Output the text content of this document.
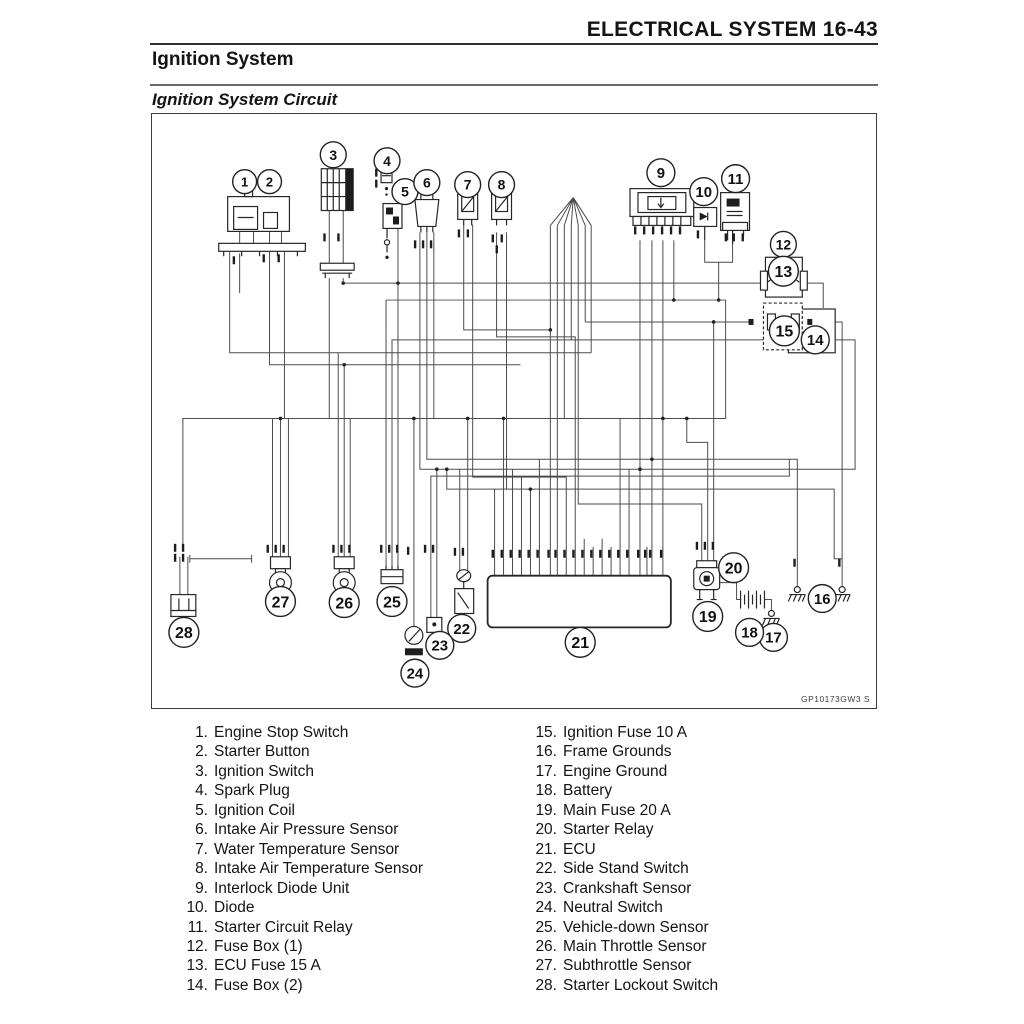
ELECTRICAL SYSTEM 16-43
Ignition System
Ignition System Circuit
1 2
3	4
5
6 7 8
9
10
11
12
13
15
14
16
17
18
19
20
21
22
23
24
25
26
27
28
GP10173GW3 S
1. Engine Stop Switch
2. Starter Button
3. Ignition Switch
4. Spark Plug
5. Ignition Coil
6. Intake Air Pressure Sensor
7. Water Temperature Sensor
8. Intake Air Temperature Sensor
9. Interlock Diode Unit
10. Diode
11. Starter Circuit Relay
12. Fuse Box (1)
13. ECU Fuse 15 A
14. Fuse Box (2)
15. Ignition Fuse 10 A
16. Frame Grounds
17. Engine Ground
18. Battery
19. Main Fuse 20 A
20. Starter Relay
21. ECU
22. Side Stand Switch
23. Crankshaft Sensor
24. Neutral Switch
25. Vehicle-down Sensor
26. Main Throttle Sensor
27. Subthrottle Sensor
28. Starter Lockout Switch
